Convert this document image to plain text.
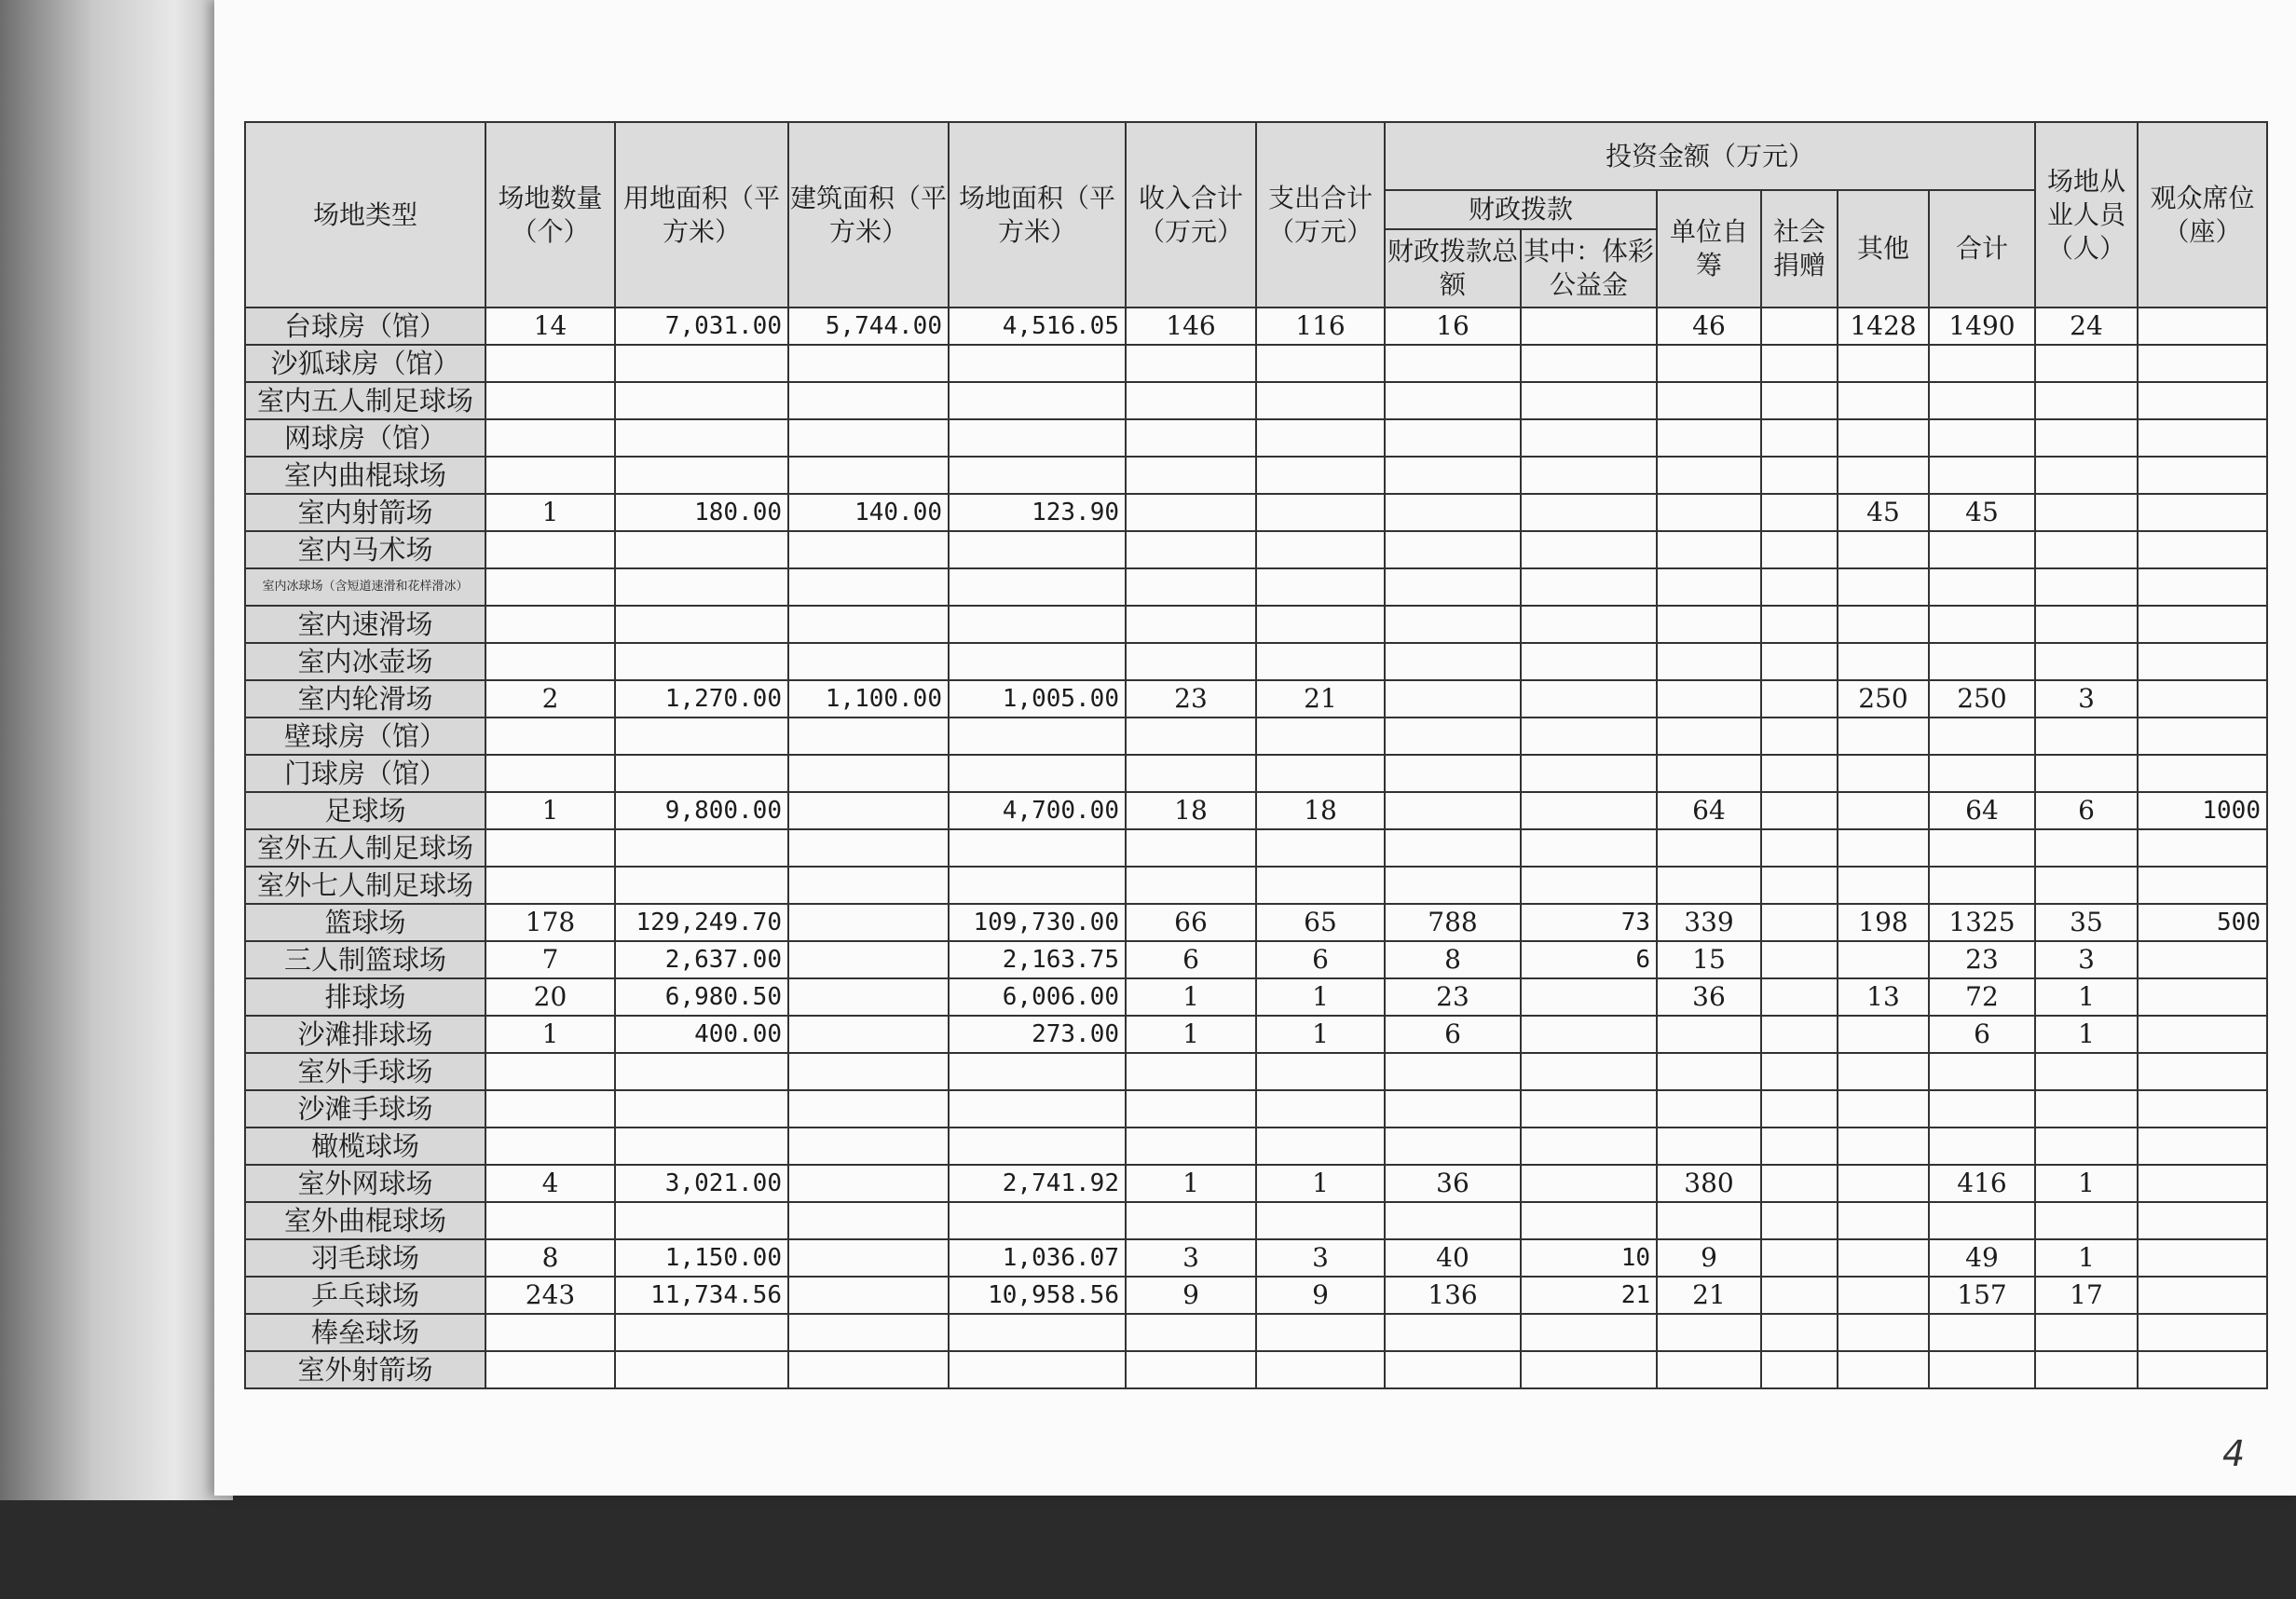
场地类型	场地数量（个）	用地面积（平方米）	建筑面积（平方米）	场地面积（平方米）	收入合计（万元）	支出合计（万元）	投资金额（万元）						场地从业人员（人）	观众席位（座）
							财政拨款		单位自筹	社会捐赠	其他	合计		
							财政拨款总额	其中：体彩公益金						
台球房（馆）	14	7,031.00	5,744.00	4,516.05	146	116	16		46		1428	1490	24	
沙狐球房（馆）														
室内五人制足球场														
网球房（馆）														
室内曲棍球场														
室内射箭场	1	180.00	140.00	123.90							45	45		
室内马术场														
室内冰球场（含短道速滑和花样滑冰）														
室内速滑场														
室内冰壶场														
室内轮滑场	2	1,270.00	1,100.00	1,005.00	23	21					250	250	3	
壁球房（馆）														
门球房（馆）														
足球场	1	9,800.00		4,700.00	18	18			64			64	6	1000
室外五人制足球场														
室外七人制足球场														
篮球场	178	129,249.70		109,730.00	66	65	788	73	339		198	1325	35	500
三人制篮球场	7	2,637.00		2,163.75	6	6	8	6	15			23	3	
排球场	20	6,980.50		6,006.00	1	1	23		36		13	72	1	
沙滩排球场	1	400.00		273.00	1	1	6					6	1	
室外手球场														
沙滩手球场														
橄榄球场														
室外网球场	4	3,021.00		2,741.92	1	1	36		380			416	1	
室外曲棍球场														
羽毛球场	8	1,150.00		1,036.07	3	3	40	10	9			49	1	
乒乓球场	243	11,734.56		10,958.56	9	9	136	21	21			157	17	
棒垒球场														
室外射箭场														
4
